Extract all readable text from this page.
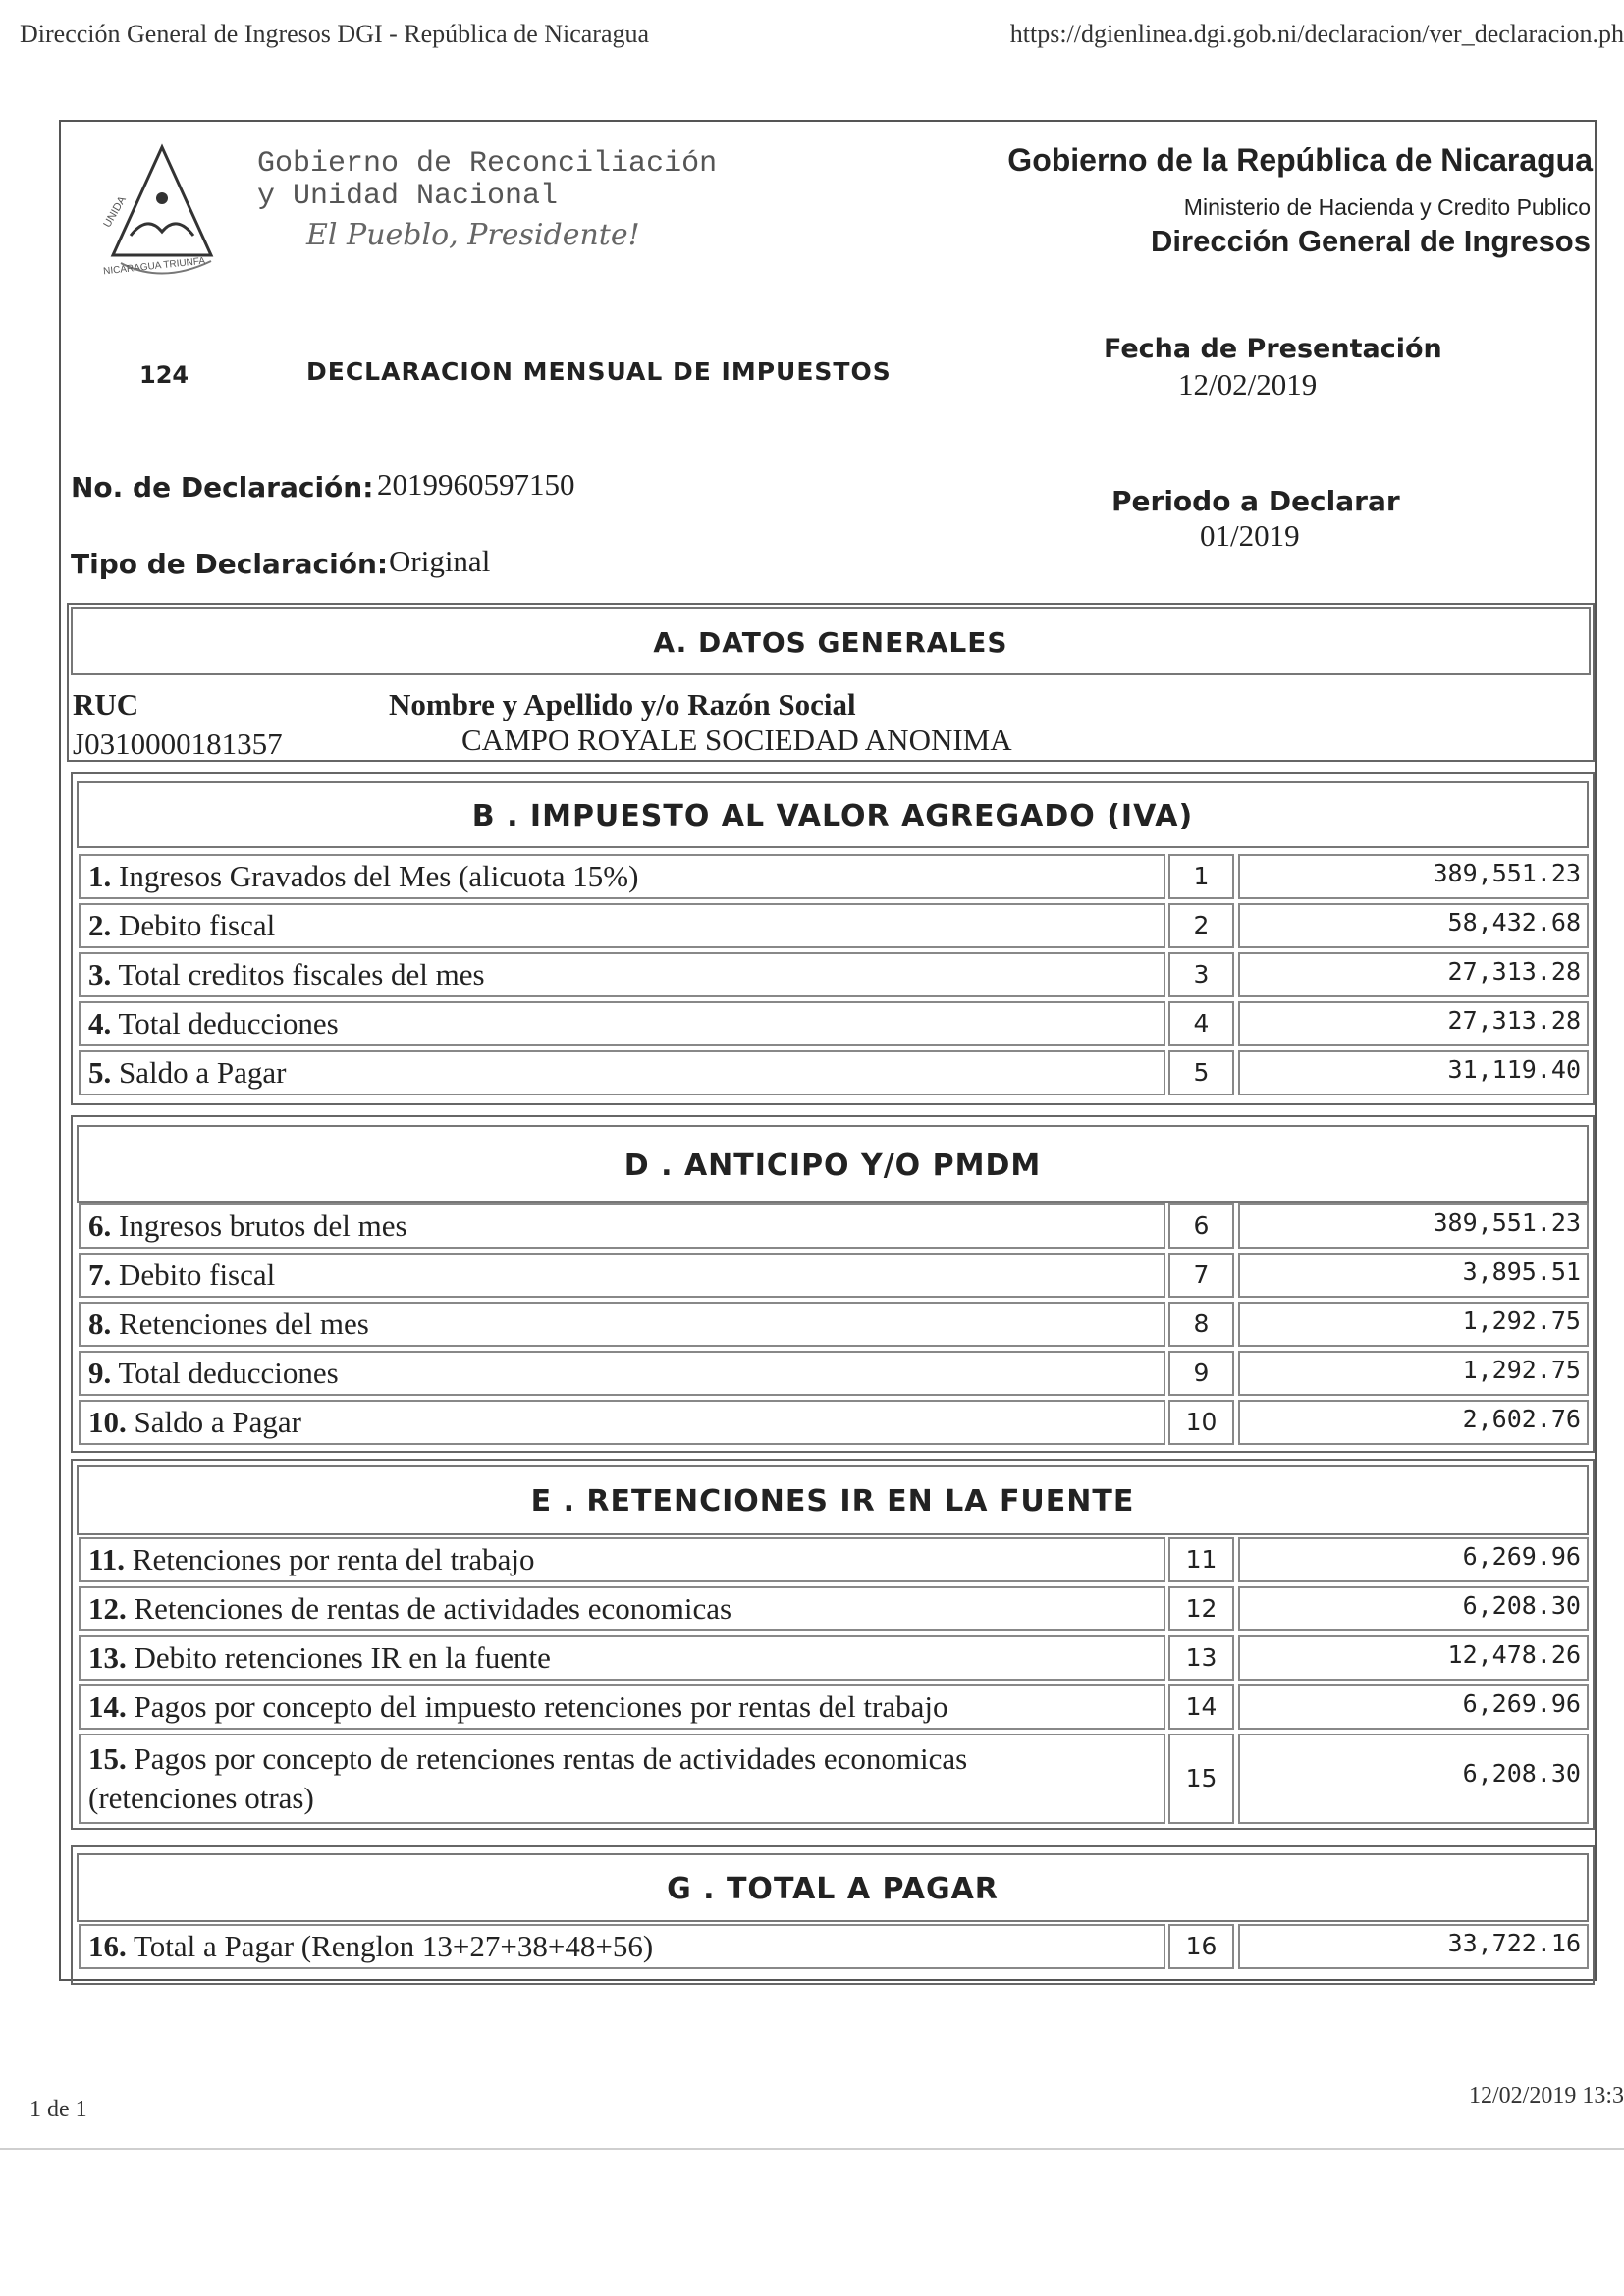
Dirección General de Ingresos DGI - República de Nicaragua	https://dgienlinea.dgi.gob.ni/declaracion/ver_declaracion.ph
1 de 1
12/02/2019 13:3
UNIDA
NICARAGUA TRIUNFA
Gobierno de Reconciliación
y Unidad Nacional
El Pueblo, Presidente!
Gobierno de la República de Nicaragua
Ministerio de Hacienda y Credito Publico
Dirección General de Ingresos
124	DECLARACION MENSUAL DE IMPUESTOS
Fecha de Presentación
12/02/2019
No. de Declaración: 2019960597150	Periodo a Declarar
01/2019
Tipo de Declaración: Original
A. DATOS GENERALES
RUC
J0310000181357
Nombre y Apellido y/o Razón Social
CAMPO ROYALE SOCIEDAD ANONIMA
B . IMPUESTO AL VALOR AGREGADO (IVA)
1. Ingresos Gravados del Mes (alicuota 15%)	1	389,551.23
2. Debito fiscal	2	58,432.68
3. Total creditos fiscales del mes	3	27,313.28
4. Total deducciones	4	27,313.28
5. Saldo a Pagar	5	31,119.40
D . ANTICIPO Y/O PMDM
6. Ingresos brutos del mes	6	389,551.23
7. Debito fiscal	7	3,895.51
8. Retenciones del mes	8	1,292.75
9. Total deducciones	9	1,292.75
10. Saldo a Pagar	10	2,602.76
E . RETENCIONES IR EN LA FUENTE
11. Retenciones por renta del trabajo	11	6,269.96
12. Retenciones de rentas de actividades economicas	12	6,208.30
13. Debito retenciones IR en la fuente	13	12,478.26
14. Pagos por concepto del impuesto retenciones por rentas del trabajo	14	6,269.96
15. Pagos por concepto de retenciones rentas de actividades economicas
(retenciones otras)
15	6,208.30
G . TOTAL A PAGAR
16. Total a Pagar (Renglon 13+27+38+48+56)	16	33,722.16
